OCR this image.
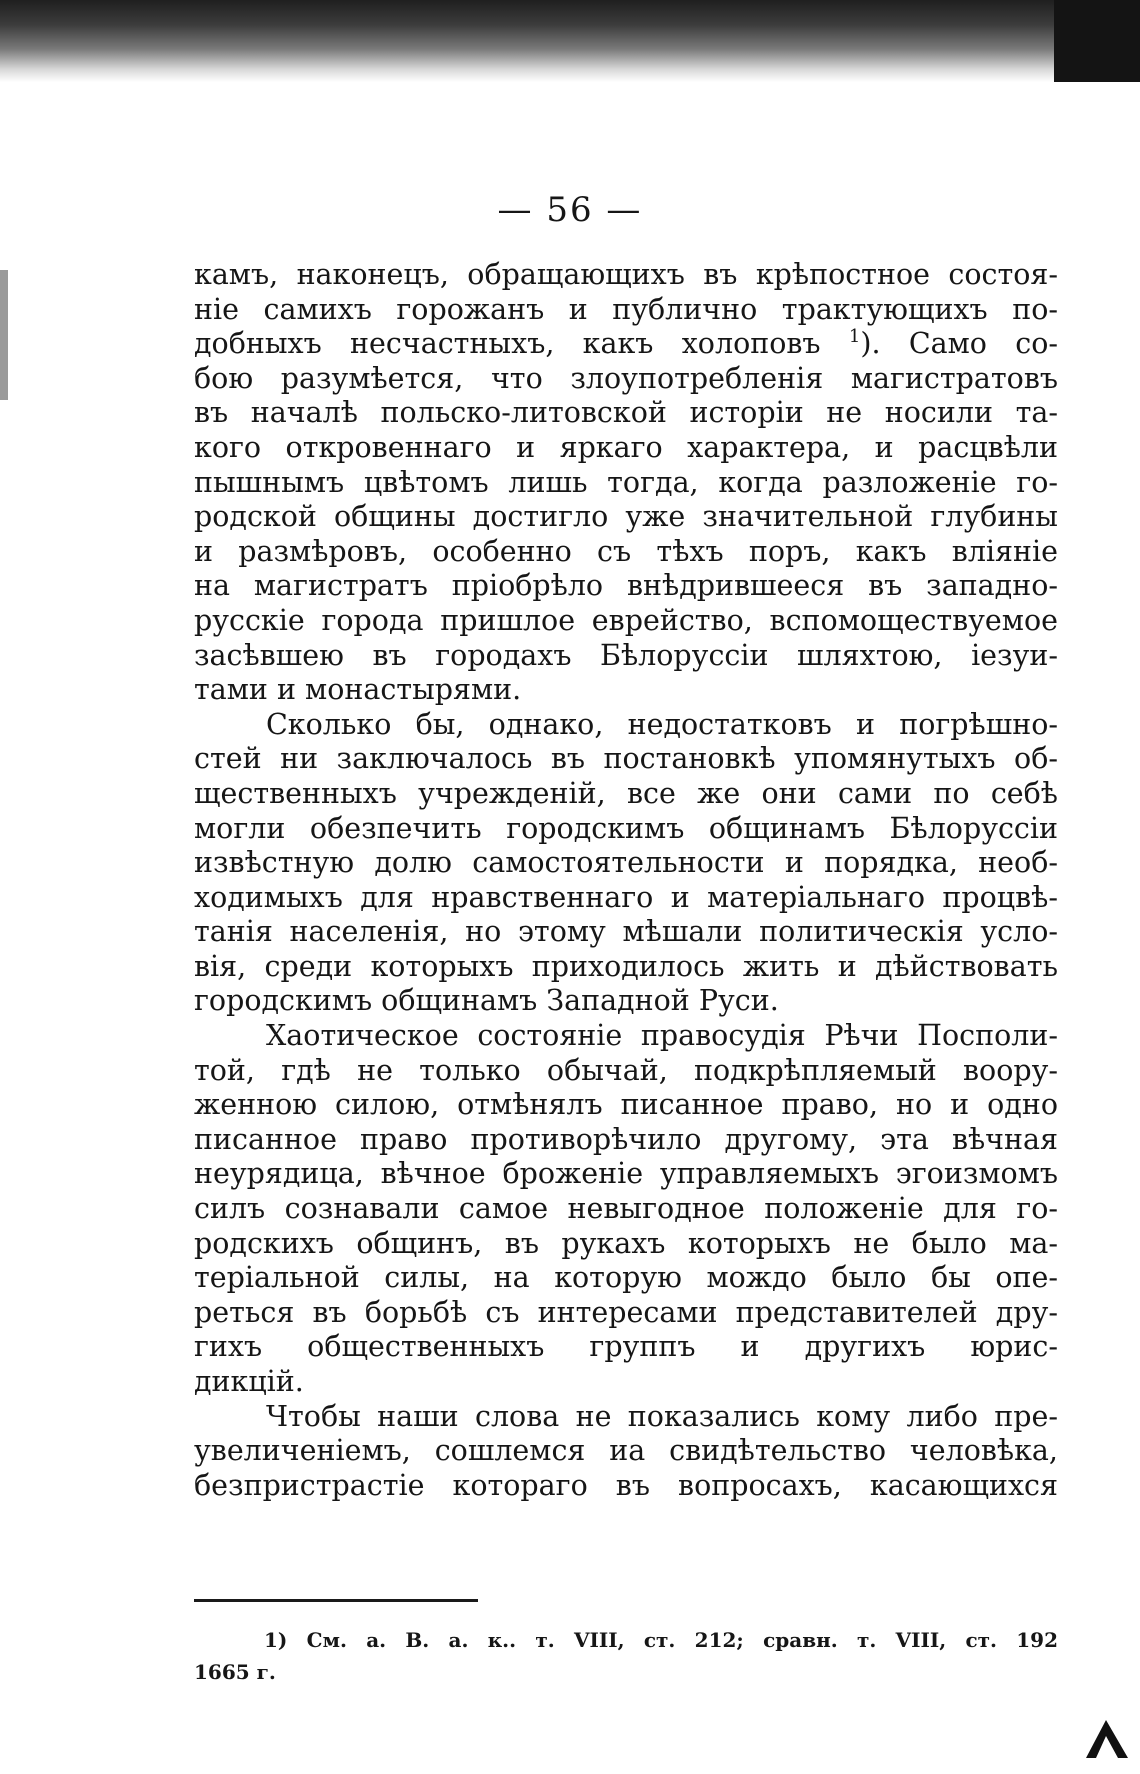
— 56 —
камъ, наконецъ, обращающихъ въ крѣпостное состоя-
ніе самихъ горожанъ и публично трактующихъ по-
добныхъ несчастныхъ, какъ холоповъ $^1$). Само со-
бою разумѣется, что злоупотребленія магистратовъ
въ началѣ польско-литовской исторіи не носили та-
кого откровеннаго и яркаго характера, и расцвѣли
пышнымъ цвѣтомъ лишь тогда, когда разложеніе го-
родской общины достигло уже значительной глубины
и размѣровъ, особенно съ тѣхъ поръ, какъ вліяніе
на магистратъ пріобрѣло внѣдрившееся въ западно-
русскіе города пришлое еврейство, вспомоществуемое
засѣвшею въ городахъ Бѣлоруссіи шляхтою, іезуи-
тами и монастырями.
Сколько бы, однако, недостатковъ и погрѣшно-
стей ни заключалось въ постановкѣ упомянутыхъ об-
щественныхъ учрежденій, все же они сами по себѣ
могли обезпечить городскимъ общинамъ Бѣлоруссіи
извѣстную долю самостоятельности и порядка, необ-
ходимыхъ для нравственнаго и матеріальнаго процвѣ-
танія населенія, но этому мѣшали политическія усло-
вія, среди которыхъ приходилось жить и дѣйствовать
городскимъ общинамъ Западной Руси.
Хаотическое состояніе правосудія Рѣчи Посполи-
той, гдѣ не только обычай, подкрѣпляемый воору-
женною силою, отмѣнялъ писанное право, но и одно
писанное право противорѣчило другому, эта вѣчная
неурядица, вѣчное броженіе управляемыхъ эгоизмомъ
силъ сознавали самое невыгодное положеніе для го-
родскихъ общинъ, въ рукахъ которыхъ не было ма-
теріальной силы, на которую мождо было бы опе-
реться въ борьбѣ съ интересами представителей дру-
гихъ общественныхъ группъ и другихъ юрис-
дикцій.
Чтобы наши слова не показались кому либо пре-
увеличеніемъ, сошлемся иа свидѣтельство человѣка,
безпристрастіе котораго въ вопросахъ, касающихся
1) См. а. В. а. к.. т. VIII, ст. 212; сравн. т. VIII, ст. 192
1665 г.
